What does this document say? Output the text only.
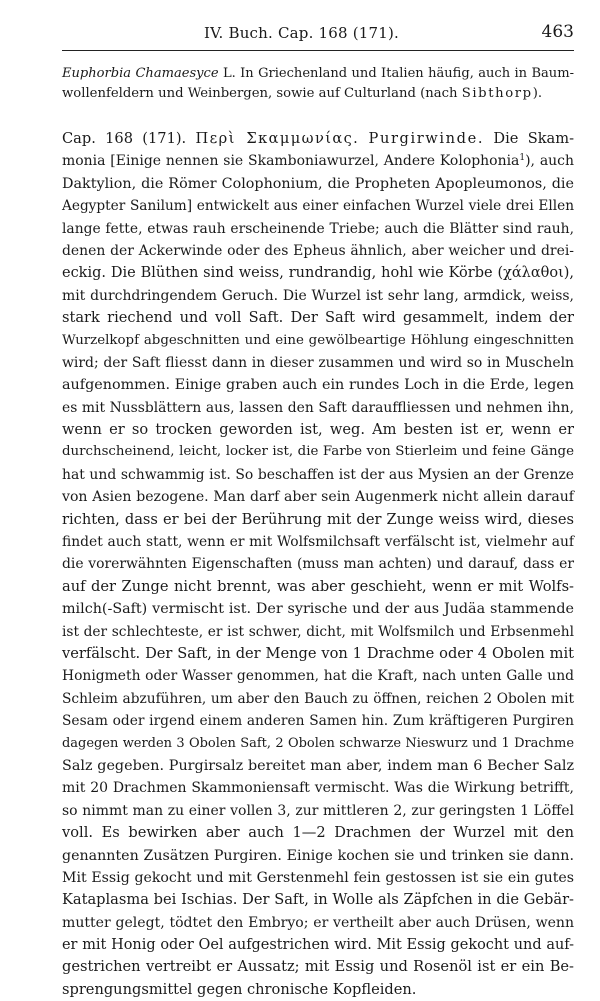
IV. Buch. Cap. 168 (171).	463
Euphorbia Chamaesyce L. In Griechenland und Italien häufig, auch in Baum-
wollenfeldern und Weinbergen, sowie auf Culturland (nach Sibthorp).
Cap. 168 (171). Περὶ Σκαμμωνίας. Purgirwinde. Die Skam-
monia [Einige nennen sie Skamboniawurzel, Andere Kolophonia$^1$), auch
Daktylion, die Römer Colophonium, die Propheten Apopleumonos, die
Aegypter Sanilum] entwickelt aus einer einfachen Wurzel viele drei Ellen
lange fette, etwas rauh erscheinende Triebe; auch die Blätter sind rauh,
denen der Ackerwinde oder des Epheus ähnlich, aber weicher und drei-
eckig. Die Blüthen sind weiss, rundrandig, hohl wie Körbe (χάλαθοι),
mit durchdringendem Geruch. Die Wurzel ist sehr lang, armdick, weiss,
stark riechend und voll Saft. Der Saft wird gesammelt, indem der
Wurzelkopf abgeschnitten und eine gewölbeartige Höhlung eingeschnitten
wird; der Saft fliesst dann in dieser zusammen und wird so in Muscheln
aufgenommen. Einige graben auch ein rundes Loch in die Erde, legen
es mit Nussblättern aus, lassen den Saft darauffliessen und nehmen ihn,
wenn er so trocken geworden ist, weg. Am besten ist er, wenn er
durchscheinend, leicht, locker ist, die Farbe von Stierleim und feine Gänge
hat und schwammig ist. So beschaffen ist der aus Mysien an der Grenze
von Asien bezogene. Man darf aber sein Augenmerk nicht allein darauf
richten, dass er bei der Berührung mit der Zunge weiss wird, dieses
findet auch statt, wenn er mit Wolfsmilchsaft verfälscht ist, vielmehr auf
die vorerwähnten Eigenschaften (muss man achten) und darauf, dass er
auf der Zunge nicht brennt, was aber geschieht, wenn er mit Wolfs-
milch(-Saft) vermischt ist. Der syrische und der aus Judäa stammende
ist der schlechteste, er ist schwer, dicht, mit Wolfsmilch und Erbsenmehl
verfälscht. Der Saft, in der Menge von 1 Drachme oder 4 Obolen mit
Honigmeth oder Wasser genommen, hat die Kraft, nach unten Galle und
Schleim abzuführen, um aber den Bauch zu öffnen, reichen 2 Obolen mit
Sesam oder irgend einem anderen Samen hin. Zum kräftigeren Purgiren
dagegen werden 3 Obolen Saft, 2 Obolen schwarze Nieswurz und 1 Drachme
Salz gegeben. Purgirsalz bereitet man aber, indem man 6 Becher Salz
mit 20 Drachmen Skammoniensaft vermischt. Was die Wirkung betrifft,
so nimmt man zu einer vollen 3, zur mittleren 2, zur geringsten 1 Löffel
voll. Es bewirken aber auch 1—2 Drachmen der Wurzel mit den
genannten Zusätzen Purgiren. Einige kochen sie und trinken sie dann.
Mit Essig gekocht und mit Gerstenmehl fein gestossen ist sie ein gutes
Kataplasma bei Ischias. Der Saft, in Wolle als Zäpfchen in die Gebär-
mutter gelegt, tödtet den Embryo; er vertheilt aber auch Drüsen, wenn
er mit Honig oder Oel aufgestrichen wird. Mit Essig gekocht und auf-
gestrichen vertreibt er Aussatz; mit Essig und Rosenöl ist er ein Be-
sprengungsmittel gegen chronische Kopfleiden.
